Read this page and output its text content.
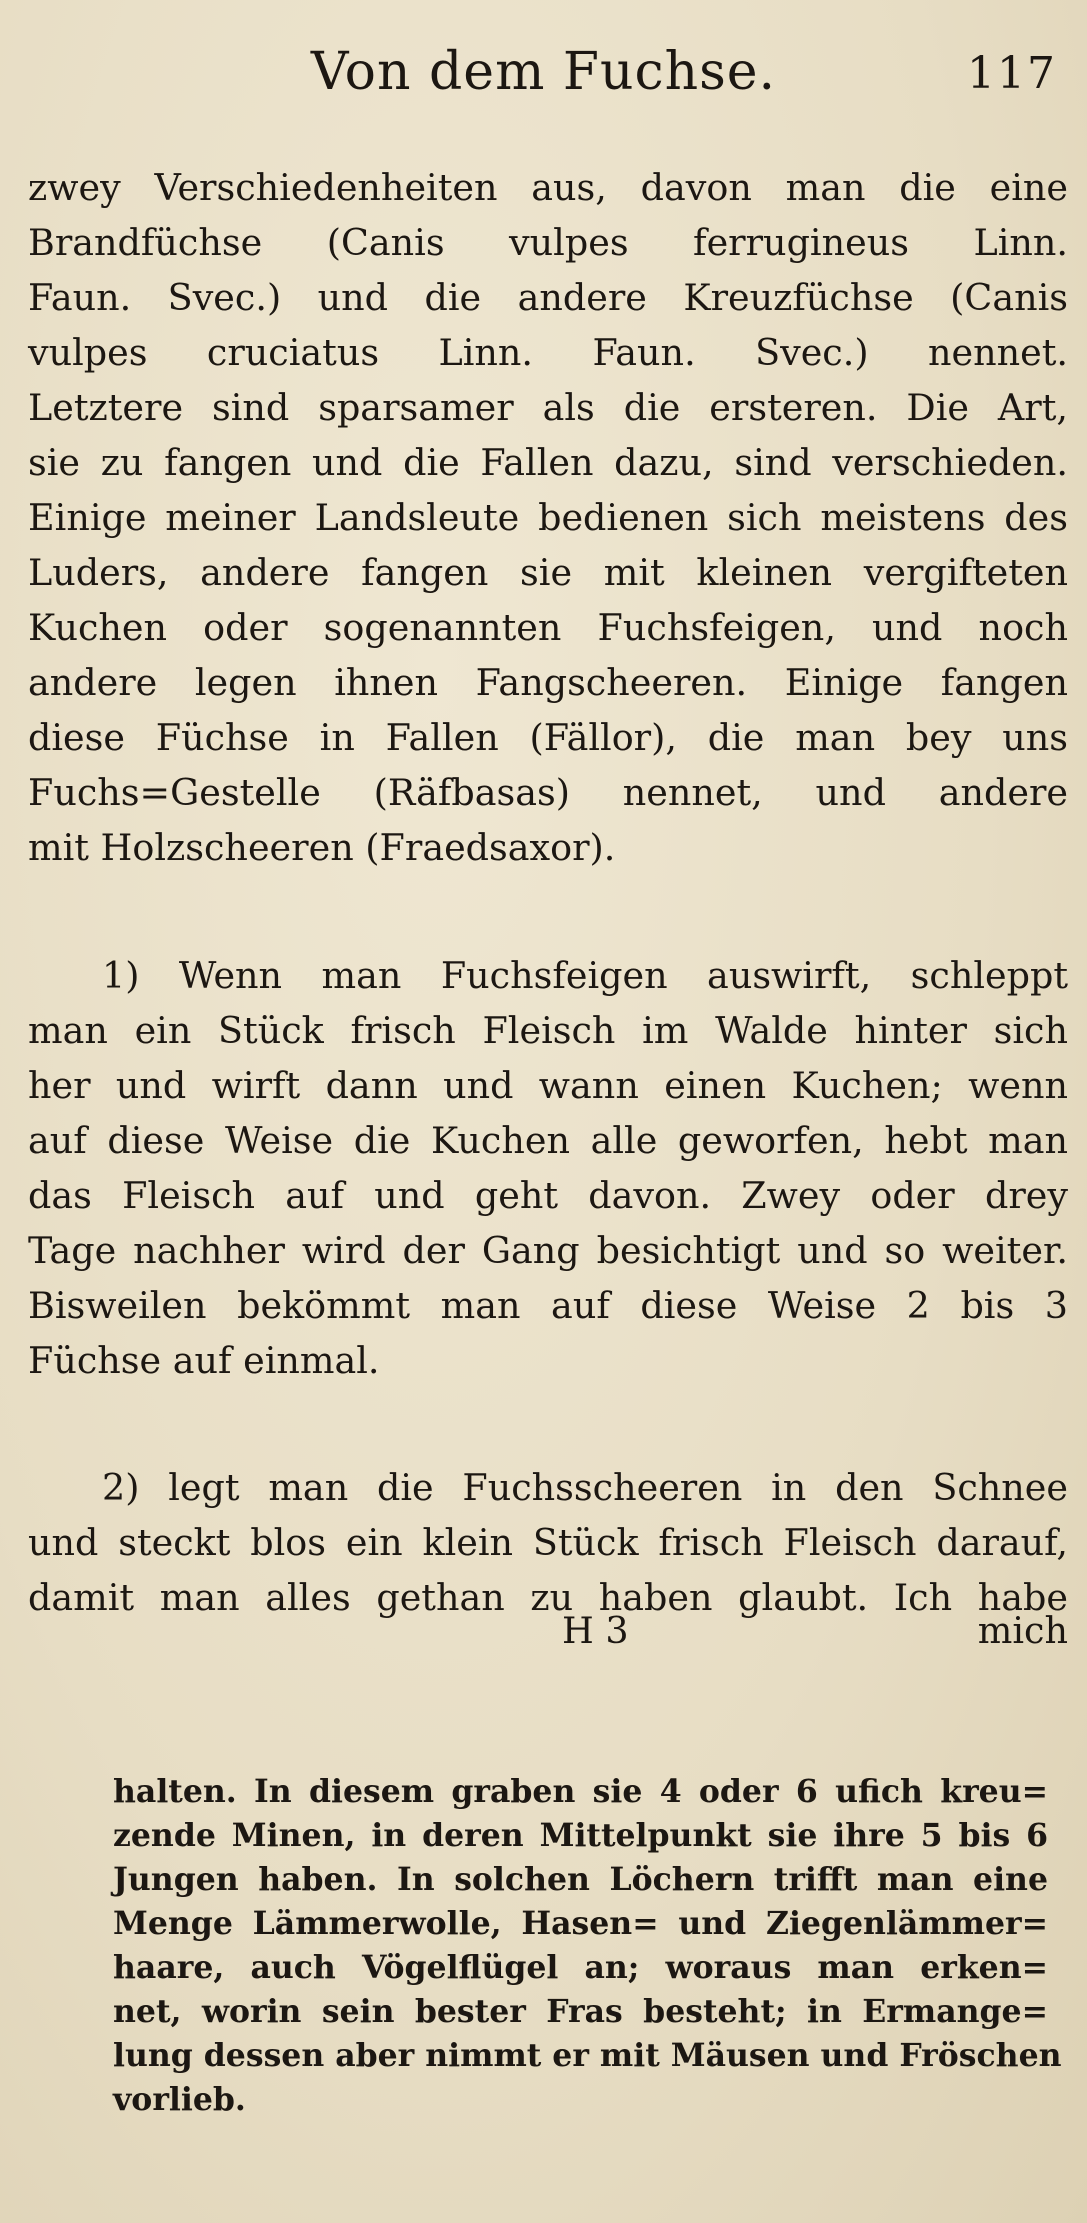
Von dem Fuchse.	117
zwey Verschiedenheiten aus, davon man die eine
Brandfüchse (Canis vulpes ferrugineus Linn.
Faun. Svec.) und die andere Kreuzfüchse (Canis
vulpes cruciatus Linn. Faun. Svec.) nennet.
Letztere sind sparsamer als die ersteren. Die Art,
sie zu fangen und die Fallen dazu, sind verschieden.
Einige meiner Landsleute bedienen sich meistens des
Luders, andere fangen sie mit kleinen vergifteten
Kuchen oder sogenannten Fuchsfeigen, und noch
andere legen ihnen Fangscheeren. Einige fangen
diese Füchse in Fallen (Fällor), die man bey uns
Fuchs=Gestelle (Räfbasas) nennet, und andere
mit Holzscheeren (Fraedsaxor).
1) Wenn man Fuchsfeigen auswirft, schleppt
man ein Stück frisch Fleisch im Walde hinter sich
her und wirft dann und wann einen Kuchen; wenn
auf diese Weise die Kuchen alle geworfen, hebt man
das Fleisch auf und geht davon. Zwey oder drey
Tage nachher wird der Gang besichtigt und so weiter.
Bisweilen bekömmt man auf diese Weise 2 bis 3
Füchse auf einmal.
2) legt man die Fuchsscheeren in den Schnee
und steckt blos ein klein Stück frisch Fleisch darauf,
damit man alles gethan zu haben glaubt. Ich habe
H 3	mich
halten. In diesem graben sie 4 oder 6 ufich kreu=
zende Minen, in deren Mittelpunkt sie ihre 5 bis 6
Jungen haben. In solchen Löchern trifft man eine
Menge Lämmerwolle, Hasen= und Ziegenlämmer=
haare, auch Vögelflügel an; woraus man erken=
net, worin sein bester Fras besteht; in Ermange=
lung dessen aber nimmt er mit Mäusen und Fröschen
vorlieb.
